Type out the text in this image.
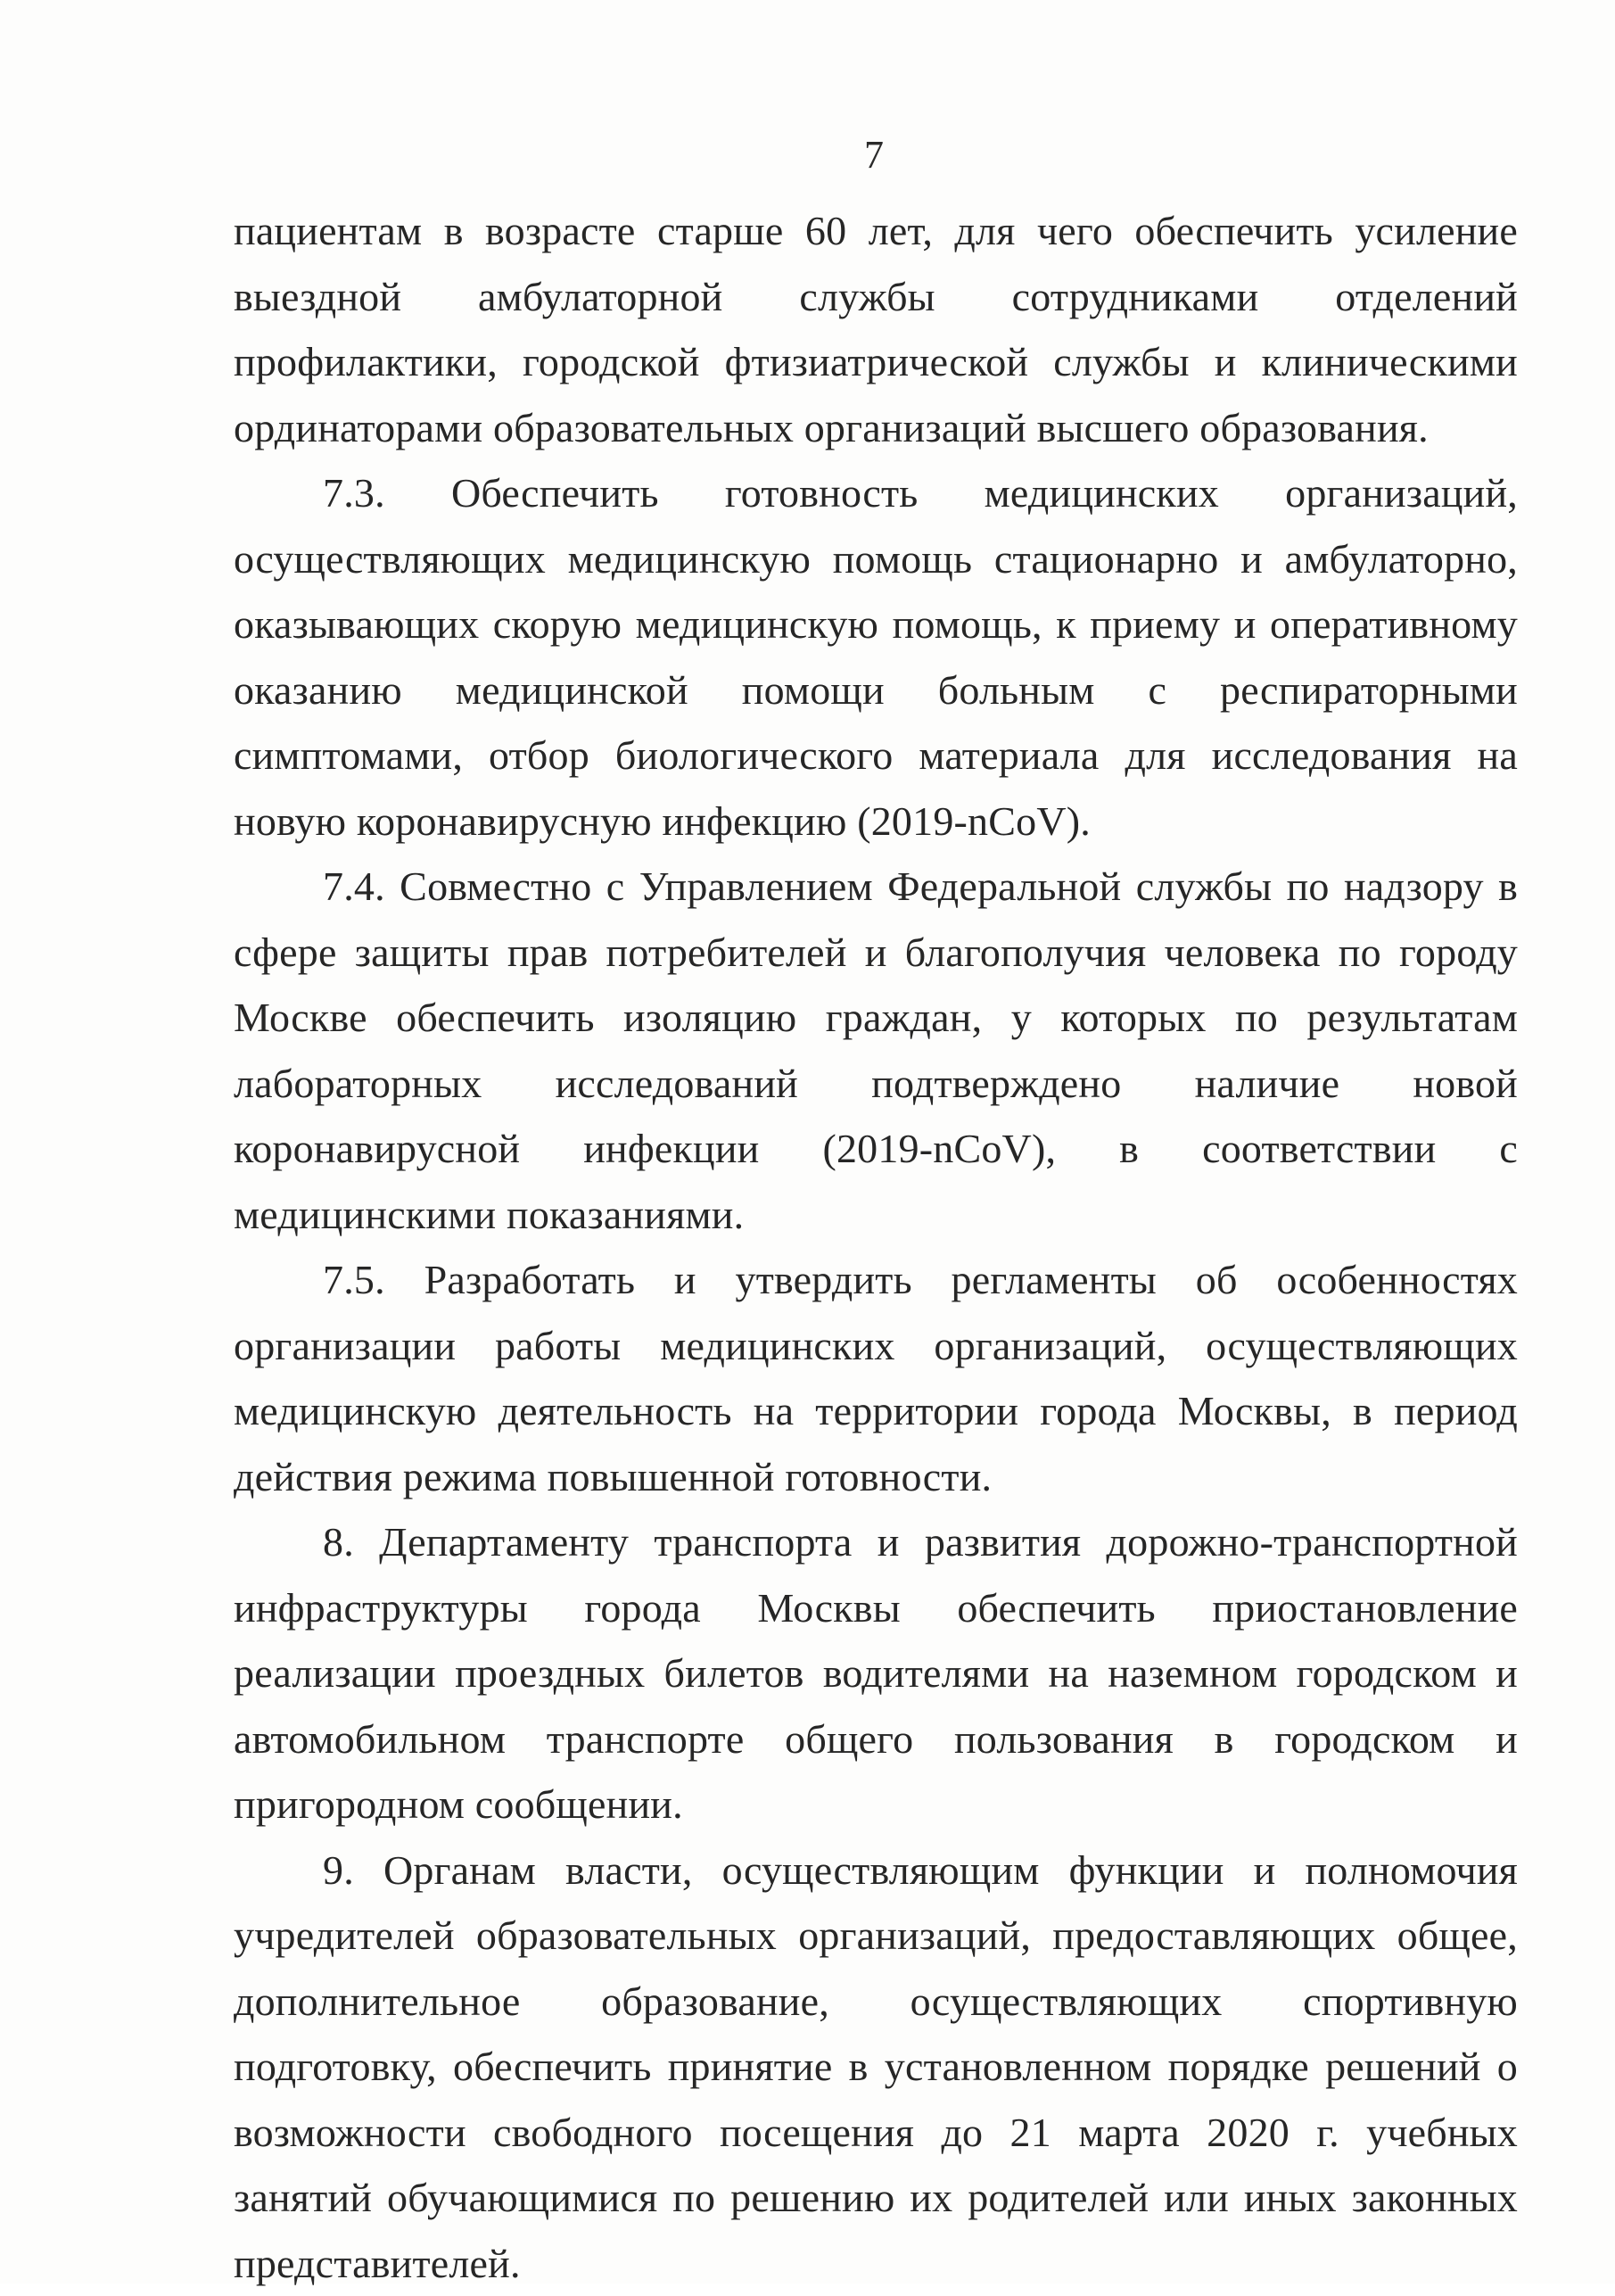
7

пациентам в возрасте старше 60 лет, для чего обеспечить усиление выездной амбулаторной службы сотрудниками отделений профилактики, городской фтизиатрической службы и клиническими ординаторами образовательных организаций высшего образования.

7.3. Обеспечить готовность медицинских организаций, осуществляющих медицинскую помощь стационарно и амбулаторно, оказывающих скорую медицинскую помощь, к приему и оперативному оказанию медицинской помощи больным с респираторными симптомами, отбор биологического материала для исследования на новую коронавирусную инфекцию (2019-nCoV).

7.4. Совместно с Управлением Федеральной службы по надзору в сфере защиты прав потребителей и благополучия человека по городу Москве обеспечить изоляцию граждан, у которых по результатам лабораторных исследований подтверждено наличие новой коронавирусной инфекции (2019-nCoV), в соответствии с медицинскими показаниями.

7.5. Разработать и утвердить регламенты об особенностях организации работы медицинских организаций, осуществляющих медицинскую деятельность на территории города Москвы, в период действия режима повышенной готовности.

8. Департаменту транспорта и развития дорожно-транспортной инфраструктуры города Москвы обеспечить приостановление реализации проездных билетов водителями на наземном городском и автомобильном транспорте общего пользования в городском и пригородном сообщении.

9. Органам власти, осуществляющим функции и полномочия учредителей образовательных организаций, предоставляющих общее, дополнительное образование, осуществляющих спортивную подготовку, обеспечить принятие в установленном порядке решений о возможности свободного посещения до 21 марта 2020 г. учебных занятий обучающимися по решению их родителей или иных законных представителей.
